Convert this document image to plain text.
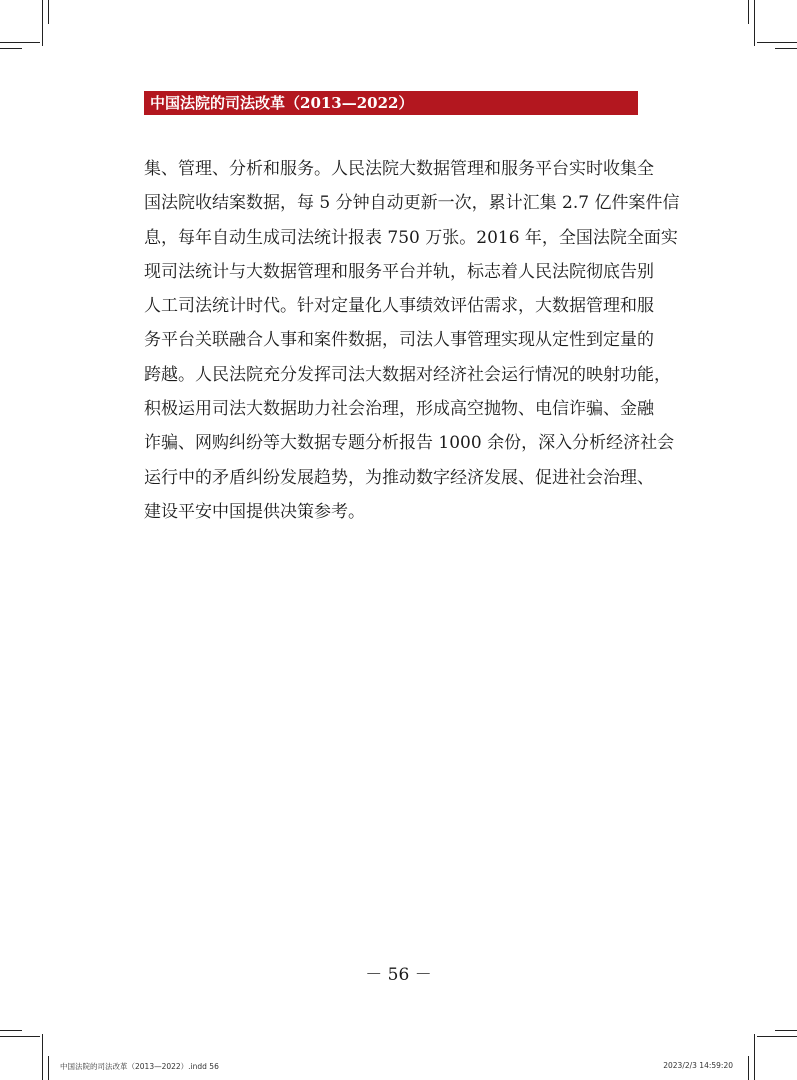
中国法院的司法改革（2013—2022）
集、管理、分析和服务。人民法院大数据管理和服务平台实时收集全
国法院收结案数据，每 5 分钟自动更新一次，累计汇集 2.7 亿件案件信
息，每年自动生成司法统计报表 750 万张。2016 年，全国法院全面实
现司法统计与大数据管理和服务平台并轨，标志着人民法院彻底告别
人工司法统计时代。针对定量化人事绩效评估需求，大数据管理和服
务平台关联融合人事和案件数据，司法人事管理实现从定性到定量的
跨越。人民法院充分发挥司法大数据对经济社会运行情况的映射功能，
积极运用司法大数据助力社会治理，形成高空抛物、电信诈骗、金融
诈骗、网购纠纷等大数据专题分析报告 1000 余份，深入分析经济社会
运行中的矛盾纠纷发展趋势，为推动数字经济发展、促进社会治理、
建设平安中国提供决策参考。
－ 56 －
中国法院的司法改革（2013—2022）.indd 56	2023/2/3 14:59:20
